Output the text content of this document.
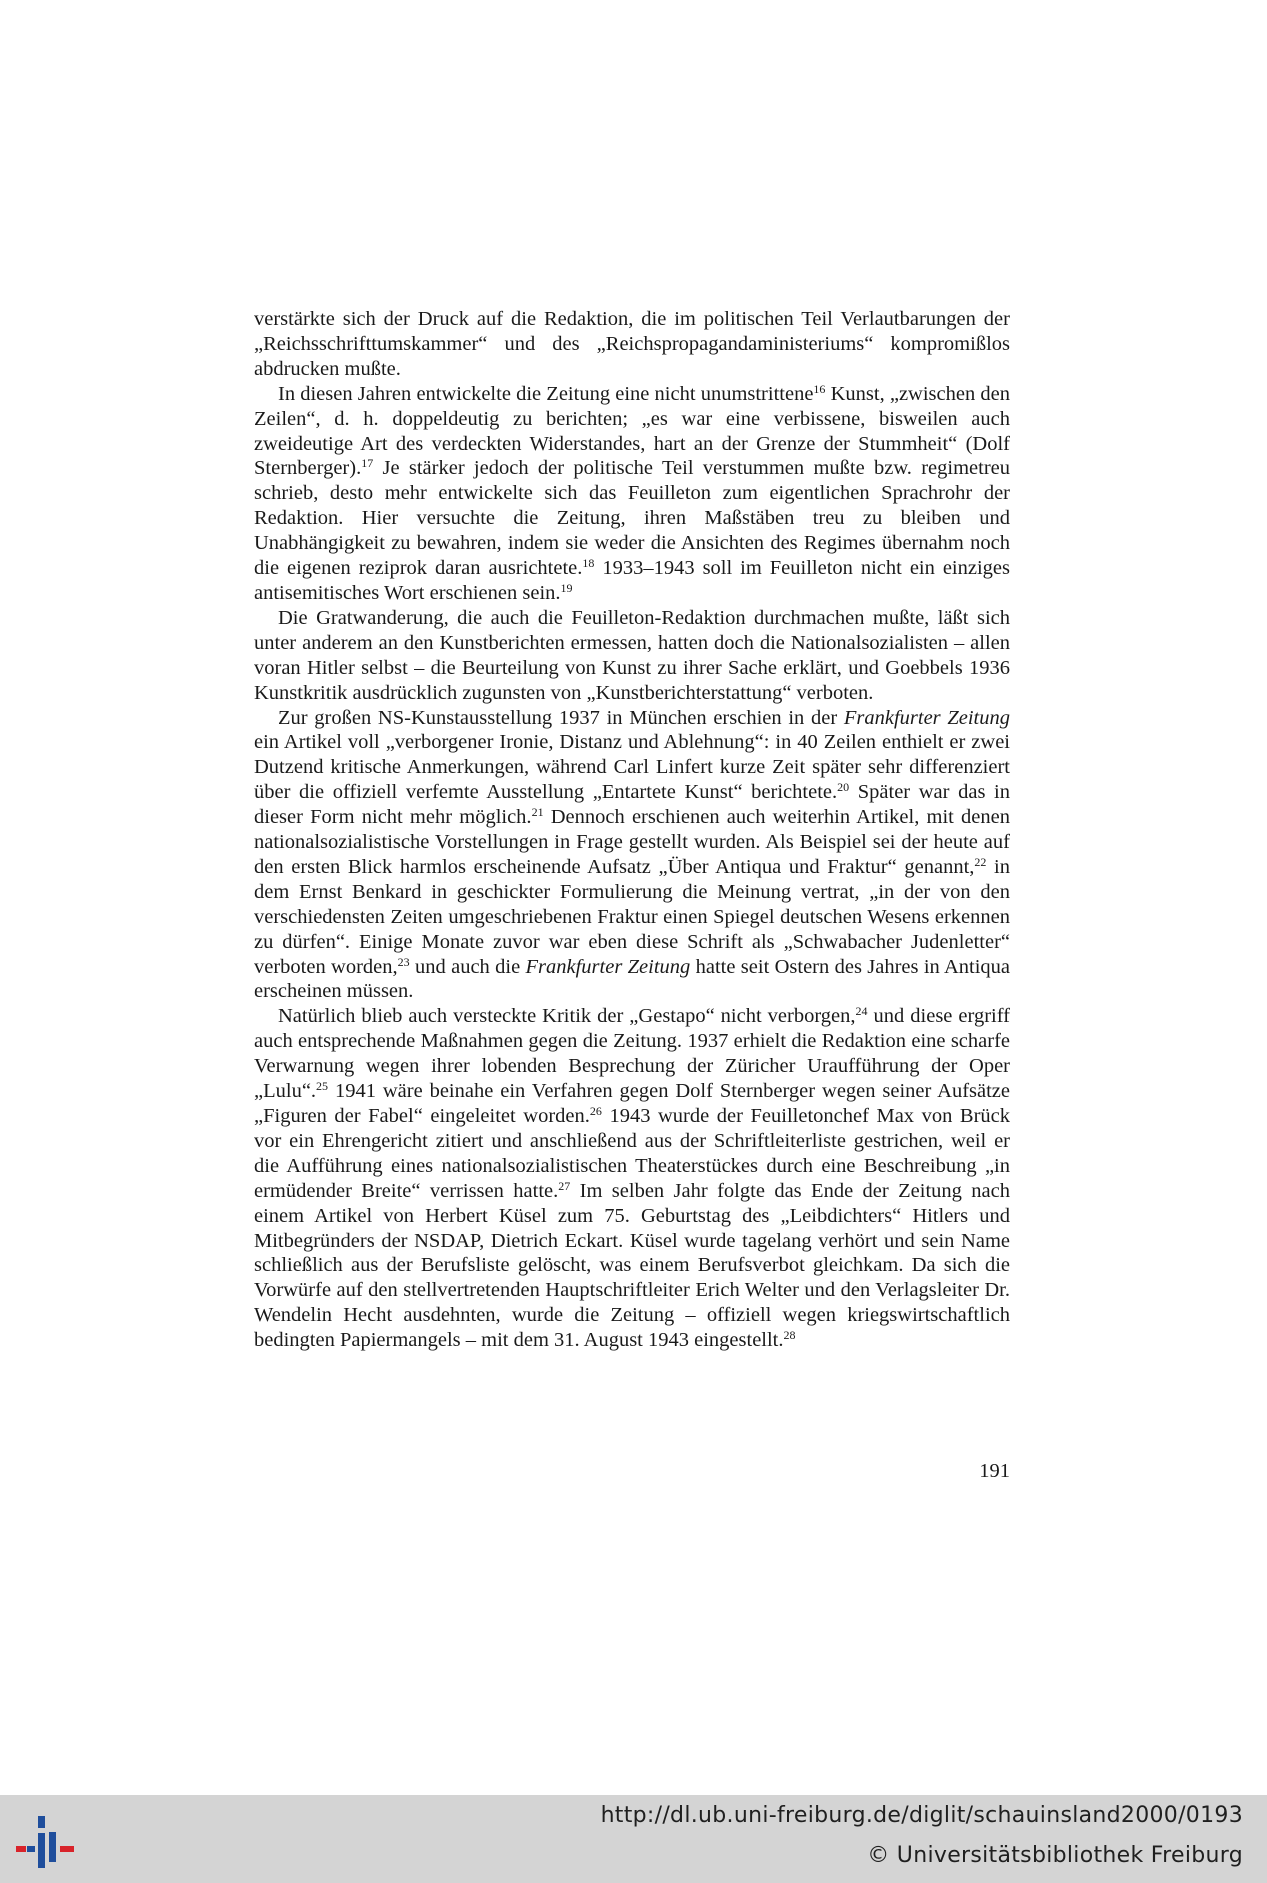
verstärkte sich der Druck auf die Redaktion, die im politischen Teil Verlautbarungen der „Reichsschrifttumskammer“ und des „Reichspropagandaministeriums“ kompromißlos abdrucken mußte.

In diesen Jahren entwickelte die Zeitung eine nicht unumstrittene$^{16}$ Kunst, „zwischen den Zeilen“, d. h. doppeldeutig zu berichten; „es war eine verbissene, bisweilen auch zweideutige Art des verdeckten Widerstandes, hart an der Grenze der Stummheit“ (Dolf Sternberger).$^{17}$ Je stärker jedoch der politische Teil verstummen mußte bzw. regimetreu schrieb, desto mehr entwickelte sich das Feuilleton zum eigentlichen Sprachrohr der Redaktion. Hier versuchte die Zeitung, ihren Maßstäben treu zu bleiben und Unabhängigkeit zu bewahren, indem sie weder die Ansichten des Regimes übernahm noch die eigenen reziprok daran ausrichtete.$^{18}$ 1933–1943 soll im Feuilleton nicht ein einziges antisemitisches Wort erschienen sein.$^{19}$

Die Gratwanderung, die auch die Feuilleton-Redaktion durchmachen mußte, läßt sich unter anderem an den Kunstberichten ermessen, hatten doch die Nationalsozialisten – allen voran Hitler selbst – die Beurteilung von Kunst zu ihrer Sache erklärt, und Goebbels 1936 Kunstkritik ausdrücklich zugunsten von „Kunstberichterstattung“ verboten.

Zur großen NS-Kunstausstellung 1937 in München erschien in der Frankfurter Zeitung ein Artikel voll „verborgener Ironie, Distanz und Ablehnung“: in 40 Zeilen enthielt er zwei Dutzend kritische Anmerkungen, während Carl Linfert kurze Zeit später sehr differenziert über die offiziell verfemte Ausstellung „Entartete Kunst“ berichtete.$^{20}$ Später war das in dieser Form nicht mehr möglich.$^{21}$ Dennoch erschienen auch weiterhin Artikel, mit denen nationalsozialistische Vorstellungen in Frage gestellt wurden. Als Beispiel sei der heute auf den ersten Blick harmlos erscheinende Aufsatz „Über Antiqua und Fraktur“ genannt,$^{22}$ in dem Ernst Benkard in geschickter Formulierung die Meinung vertrat, „in der von den verschiedensten Zeiten umgeschriebenen Fraktur einen Spiegel deutschen Wesens erkennen zu dürfen“. Einige Monate zuvor war eben diese Schrift als „Schwabacher Judenletter“ verboten worden,$^{23}$ und auch die Frankfurter Zeitung hatte seit Ostern des Jahres in Antiqua erscheinen müssen.

Natürlich blieb auch versteckte Kritik der „Gestapo“ nicht verborgen,$^{24}$ und diese ergriff auch entsprechende Maßnahmen gegen die Zeitung. 1937 erhielt die Redaktion eine scharfe Verwarnung wegen ihrer lobenden Besprechung der Züricher Uraufführung der Oper „Lulu“.$^{25}$ 1941 wäre beinahe ein Verfahren gegen Dolf Sternberger wegen seiner Aufsätze „Figuren der Fabel“ eingeleitet worden.$^{26}$ 1943 wurde der Feuilletonchef Max von Brück vor ein Ehrengericht zitiert und anschließend aus der Schriftleiterliste gestrichen, weil er die Aufführung eines nationalsozialistischen Theaterstückes durch eine Beschreibung „in ermüdender Breite“ verrissen hatte.$^{27}$ Im selben Jahr folgte das Ende der Zeitung nach einem Artikel von Herbert Küsel zum 75. Geburtstag des „Leibdichters“ Hitlers und Mitbegründers der NSDAP, Dietrich Eckart. Küsel wurde tagelang verhört und sein Name schließlich aus der Berufsliste gelöscht, was einem Berufsverbot gleichkam. Da sich die Vorwürfe auf den stellvertretenden Hauptschriftleiter Erich Welter und den Verlagsleiter Dr. Wendelin Hecht ausdehnten, wurde die Zeitung – offiziell wegen kriegswirtschaftlich bedingten Papiermangels – mit dem 31. August 1943 eingestellt.$^{28}$

191
http://dl.ub.uni-freiburg.de/diglit/schauinsland2000/0193
© Universitätsbibliothek Freiburg
